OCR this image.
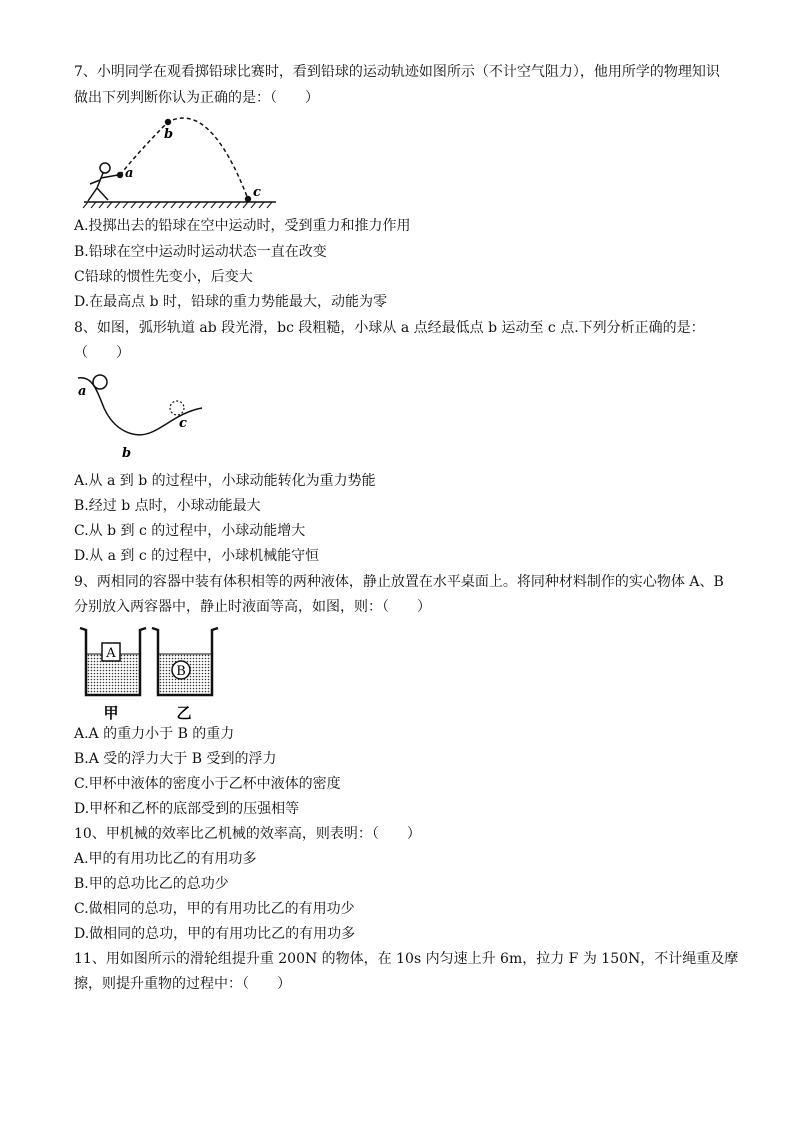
7、小明同学在观看掷铅球比赛时，看到铅球的运动轨迹如图所示（不计空气阻力），他用所学的物理知识
做出下列判断你认为正确的是：（　　）
a
b
c
A.投掷出去的铅球在空中运动时，受到重力和推力作用
B.铅球在空中运动时运动状态一直在改变
C铅球的惯性先变小，后变大
D.在最高点 b 时，铅球的重力势能最大，动能为零
8、如图，弧形轨道 ab 段光滑，bc 段粗糙，小球从 a 点经最低点 b 运动至 c 点.下列分析正确的是：
（　　）
a
b
c
A.从 a 到 b 的过程中，小球动能转化为重力势能
B.经过 b 点时，小球动能最大
C.从 b 到 c 的过程中，小球动能增大
D.从 a 到 c 的过程中，小球机械能守恒
9、两相同的容器中装有体积相等的两种液体，静止放置在水平桌面上。将同种材料制作的实心物体 A、B
分别放入两容器中，静止时液面等高，如图，则：（　　）
A
B
甲	乙
A.A 的重力小于 B 的重力
B.A 受的浮力大于 B 受到的浮力
C.甲杯中液体的密度小于乙杯中液体的密度
D.甲杯和乙杯的底部受到的压强相等
10、甲机械的效率比乙机械的效率高，则表明：（　　）
A.甲的有用功比乙的有用功多
B.甲的总功比乙的总功少
C.做相同的总功，甲的有用功比乙的有用功少
D.做相同的总功，甲的有用功比乙的有用功多
11、用如图所示的滑轮组提升重 200N 的物体，在 10s 内匀速上升 6m，拉力 F 为 150N，不计绳重及摩
擦，则提升重物的过程中：（　　）
